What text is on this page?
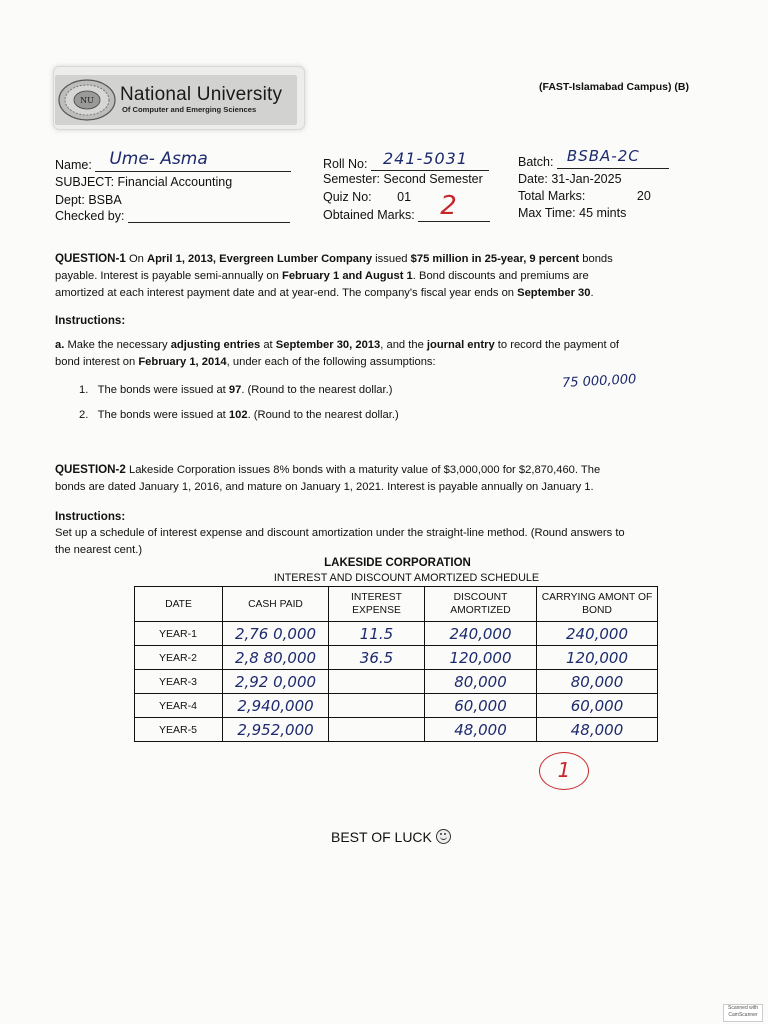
NU National University
Of Computer and Emerging Sciences
(FAST-Islamabad Campus) (B)
Name: Ume- Asma
SUBJECT: Financial Accounting
Dept: BSBA
Checked by:
Roll No: 241-5031
Semester: Second Semester
Quiz No: 01
Obtained Marks: 2
Batch: BSBA-2C
Date: 31-Jan-2025
Total Marks:	20
Max Time: 45 mints
QUESTION-1 On April 1, 2013, Evergreen Lumber Company issued $75 million in 25-year, 9 percent bonds
payable. Interest is payable semi-annually on February 1 and August 1. Bond discounts and premiums are
amortized at each interest payment date and at year-end. The company's fiscal year ends on September 30.
Instructions:
a. Make the necessary adjusting entries at September 30, 2013, and the journal entry to record the payment of
bond interest on February 1, 2014, under each of the following assumptions:
1. The bonds were issued at 97. (Round to the nearest dollar.)	75 000,000
2. The bonds were issued at 102. (Round to the nearest dollar.)
QUESTION-2 Lakeside Corporation issues 8% bonds with a maturity value of $3,000,000 for $2,870,460. The
bonds are dated January 1, 2016, and mature on January 1, 2021. Interest is payable annually on January 1.
Instructions:
Set up a schedule of interest expense and discount amortization under the straight-line method. (Round answers to
the nearest cent.)
LAKESIDE CORPORATION
INTEREST AND DISCOUNT AMORTIZED SCHEDULE
DATE	CASH PAID	INTEREST EXPENSE	DISCOUNT AMORTIZED	CARRYING AMONT OF BOND

YEAR-1	2,76 0,000	11.5	240,000	240,000
YEAR-2	2,8 80,000	36.5	120,000	120,000
YEAR-3	2,92 0,000		80,000	80,000
YEAR-4	2,940,000		60,000	60,000
YEAR-5	2,952,000		48,000	48,000
1
BEST OF LUCK
Scanned with CamScanner
